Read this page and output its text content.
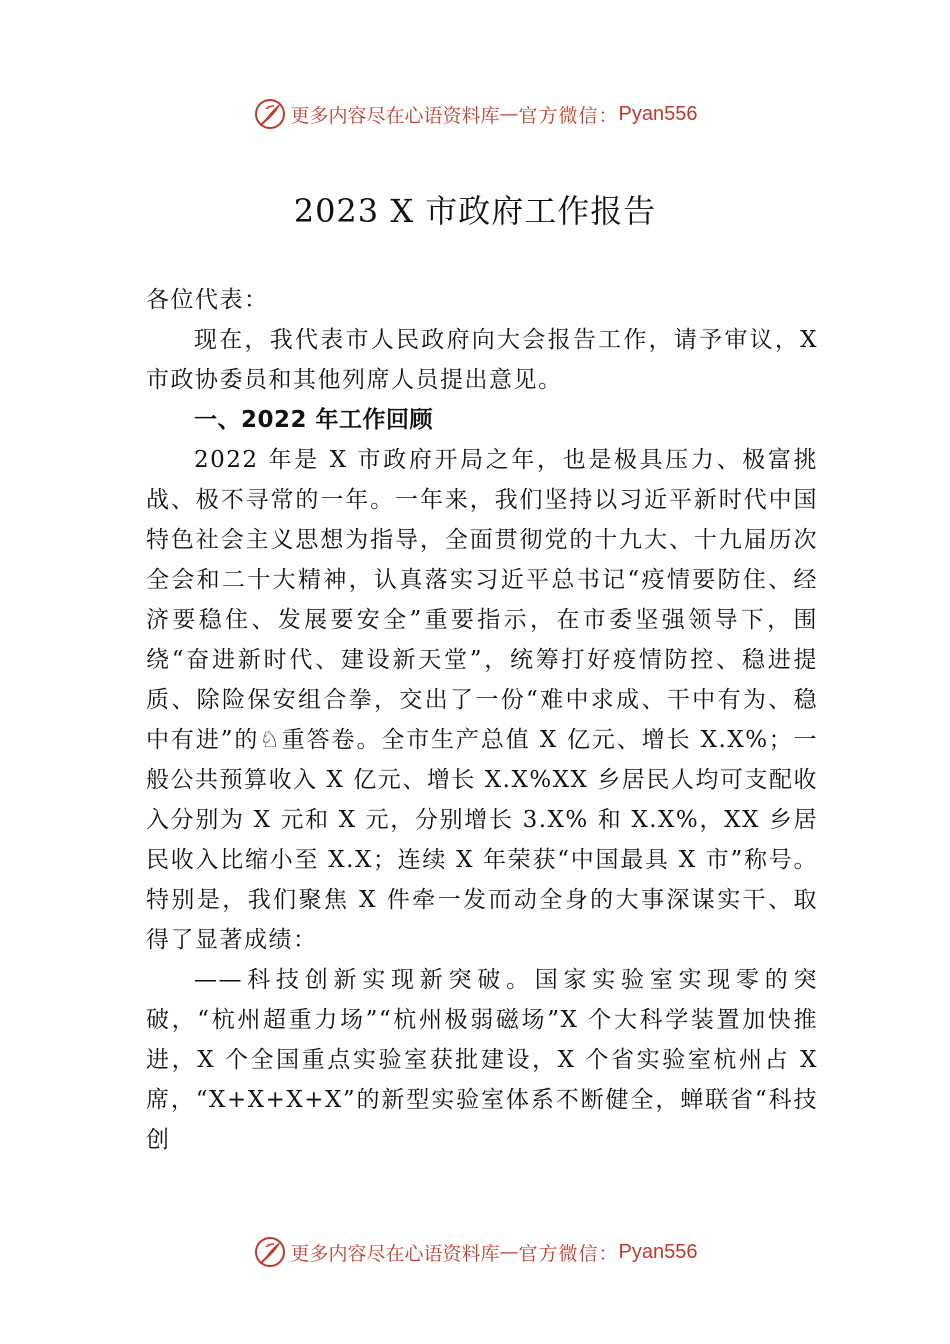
更多内容尽在心语资料库 — 官方微信： Pyan556
2023 X 市政府工作报告

各位代表：

现在，我代表市人民政府向大会报告工作，请予审议，X 市政协委员和其他列席人员提出意见。

一、2022 年工作回顾

2022 年是 X 市政府开局之年，也是极具压力、极富挑战、极不寻常的一年。一年来，我们坚持以习近平新时代中国特色社会主义思想为指导，全面贯彻党的十九大、十九届历次全会和二十大精神，认真落实习近平总书记“疫情要防住、经济要稳住、发展要安全”重要指示，在市委坚强领导下，围绕“奋进新时代、建设新天堂”，统筹打好疫情防控、稳进提质、除险保安组合拳，交出了一份“难中求成、干中有为、稳中有进”的♘重答卷。全市生产总值 X 亿元、增长 X.X%；一般公共预算收入 X 亿元、增长 X.X%XX 乡居民人均可支配收入分别为 X 元和 X 元，分别增长 3.X% 和 X.X%，XX 乡居民收入比缩小至 X.X；连续 X 年荣获“中国最具 X 市”称号。特别是，我们聚焦 X 件牵一发而动全身的大事深谋实干、取得了显著成绩：

——科技创新实现新突破。国家实验室实现零的突破，“杭州超重力场”“杭州极弱磁场”X 个大科学装置加快推进，X 个全国重点实验室获批建设，X 个省实验室杭州占 X 席，“X+X+X+X”的新型实验室体系不断健全，蝉联省“科技创

更多内容尽在心语资料库 — 官方微信： Pyan556
